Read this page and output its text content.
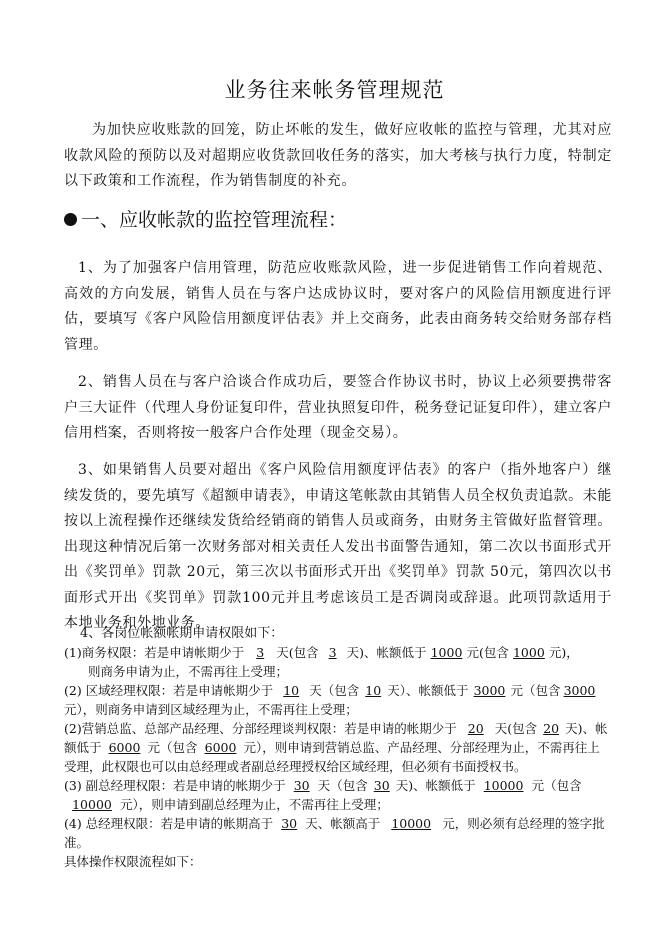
业务往来帐务管理规范
为加快应收账款的回笼，防止坏帐的发生，做好应收帐的监控与管理，尤其对应收款风险的预防以及对超期应收货款回收任务的落实，加大考核与执行力度，特制定以下政策和工作流程，作为销售制度的补充。
一、应收帐款的监控管理流程：
1、为了加强客户信用管理，防范应收账款风险，进一步促进销售工作向着规范、高效的方向发展，销售人员在与客户达成协议时，要对客户的风险信用额度进行评估，要填写《客户风险信用额度评估表》并上交商务，此表由商务转交给财务部存档管理。
2、销售人员在与客户洽谈合作成功后，要签合作协议书时，协议上必须要携带客户三大证件（代理人身份证复印件，营业执照复印件，税务登记证复印件），建立客户信用档案，否则将按一般客户合作处理（现金交易）。
3、如果销售人员要对超出《客户风险信用额度评估表》的客户（指外地客户）继续发货的，要先填写《超额申请表》，申请这笔帐款由其销售人员全权负责追款。未能按以上流程操作还继续发货给经销商的销售人员或商务，由财务主管做好监督管理。出现这种情况后第一次财务部对相关责任人发出书面警告通知，第二次以书面形式开出《奖罚单》罚款 20元，第三次以书面形式开出《奖罚单》罚款 50元，第四次以书面形式开出《奖罚单》罚款100元并且考虑该员工是否调岗或辞退。此项罚款适用于本地业务和外地业务。
4、各岗位帐额帐期申请权限如下：
(1)商务权限：若是申请帐期少于 3 天(包含 3 天)、帐额低于 1000 元(包含 1000 元)，
则商务申请为止，不需再往上受理；
(2) 区域经理权限：若是申请帐期少于 10 天（包含 10 天）、帐额低于 3000 元（包含 3000元），则商务申请到区域经理为止，不需再往上受理；
(2)营销总监、总部产品经理、分部经理谈判权限：若是申请的帐期少于 20 天(包含 20 天)、帐额低于 6000 元（包含 6000 元），则申请到营销总监、产品经理、分部经理为止，不需再往上受理，此权限也可以由总经理或者副总经理授权给区域经理，但必须有书面授权书。
(3) 副总经理权限：若是申请的帐期少于 30 天（包含 30 天)、帐额低于 10000 元（包含10000 元），则申请到副总经理为止，不需再往上受理；
(4) 总经理权限：若是申请的帐期高于 30 天、帐额高于 10000 元，则必须有总经理的签字批准。
具体操作权限流程如下：
